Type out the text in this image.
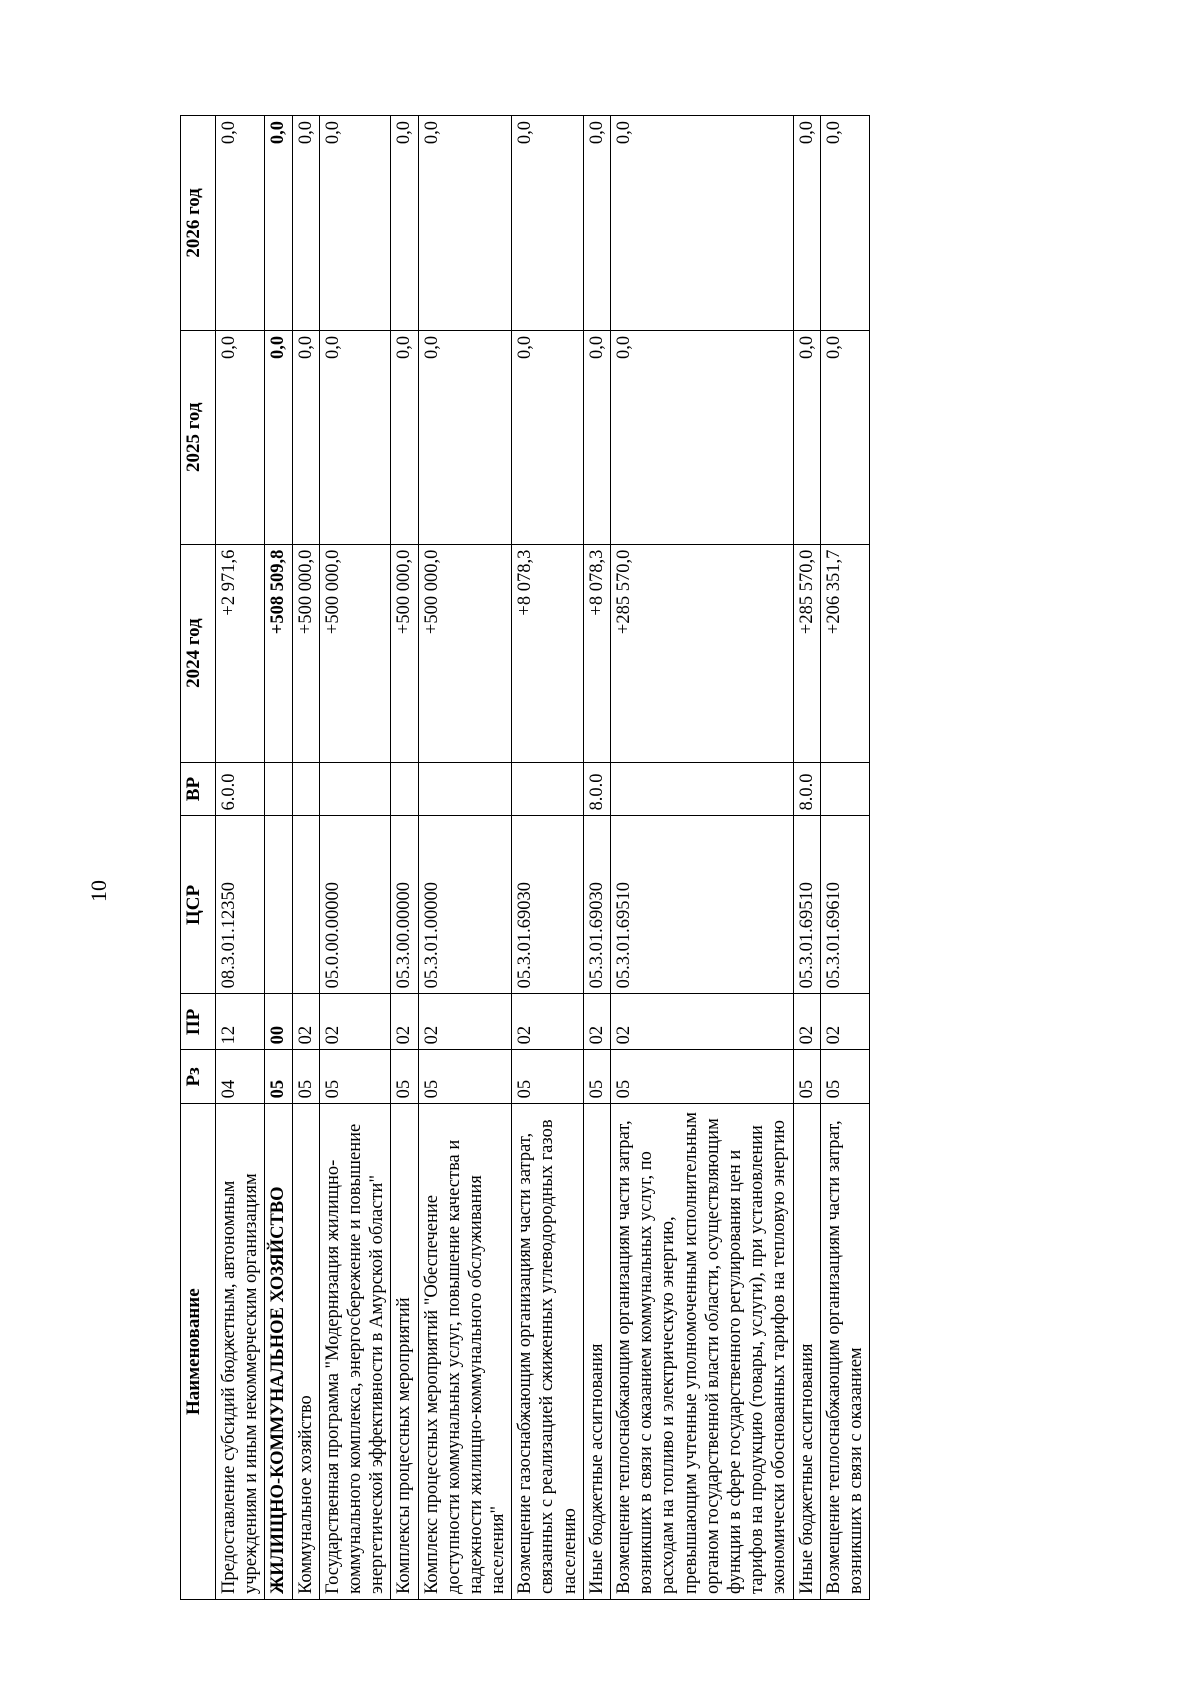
10
Наименование	Рз	ПР	ЦСР	ВР	2024 год	2025 год	2026 год
Предоставление субсидий бюджетным, автономным учреждениям и иным некоммерческим организациям	04	12	08.3.01.12350	6.0.0	+2 971,6	0,0	0,0
ЖИЛИЩНО-КОММУНАЛЬНОЕ ХОЗЯЙСТВО	05	00			+508 509,8	0,0	0,0
Коммунальное хозяйство	05	02			+500 000,0	0,0	0,0
Государственная программа "Модернизация жилищно-коммунального комплекса, энергосбережение и повышение энергетической эффективности в Амурской области"	05	02	05.0.00.00000		+500 000,0	0,0	0,0
Комплексы процессных мероприятий	05	02	05.3.00.00000		+500 000,0	0,0	0,0
Комплекс процессных мероприятий "Обеспечение доступности коммунальных услуг, повышение качества и надежности жилищно-коммунального обслуживания населения"	05	02	05.3.01.00000		+500 000,0	0,0	0,0
Возмещение газоснабжающим организациям части затрат, связанных с реализацией сжиженных углеводородных газов населению	05	02	05.3.01.69030		+8 078,3	0,0	0,0
Иные бюджетные ассигнования	05	02	05.3.01.69030	8.0.0	+8 078,3	0,0	0,0
Возмещение теплоснабжающим организациям части затрат, возникших в связи с оказанием коммунальных услуг, по расходам на топливо и электрическую энергию, превышающим учтенные уполномоченным исполнительным органом государственной власти области, осуществляющим функции в сфере государственного регулирования цен и тарифов на продукцию (товары, услуги), при установлении экономически обоснованных тарифов на тепловую энергию	05	02	05.3.01.69510		+285 570,0	0,0	0,0
Иные бюджетные ассигнования	05	02	05.3.01.69510	8.0.0	+285 570,0	0,0	0,0
Возмещение теплоснабжающим организациям части затрат, возникших в связи с оказанием	05	02	05.3.01.69610		+206 351,7	0,0	0,0
